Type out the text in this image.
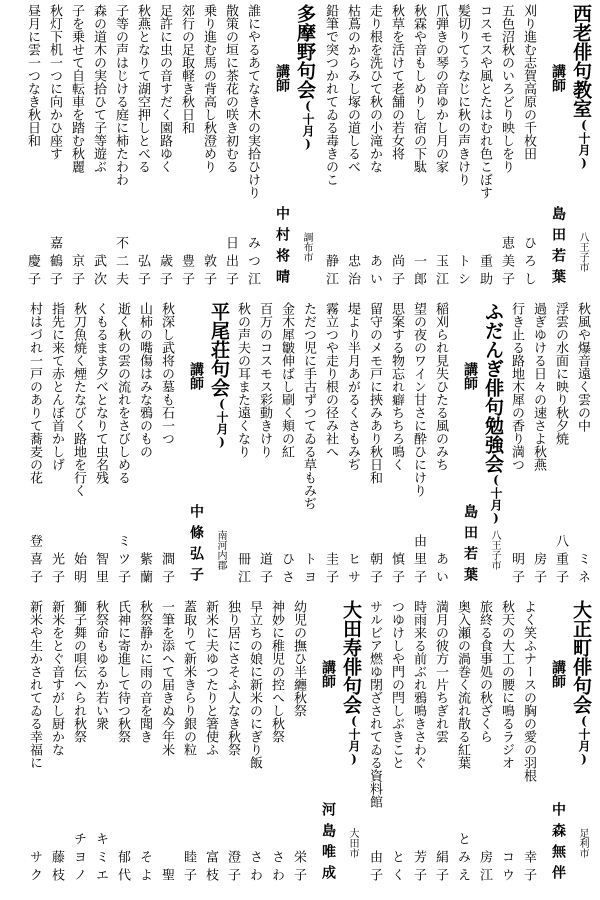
西老俳句教室
(十月)
講師
島田若葉 八王子市
刈り進む志賀高原の千枚田
ひろし
五色沼秋のいろどり映しをり
恵美子
コスモスや風とたはむれ色こぼす
重助
髪切りてうなじに秋の声きけり
トシ
爪弾きの琴の音ゆかし月の家
玉江
秋霖や音もしめりし宿の下駄
一郎
秋草を活けて老舗の若女将
尚子
走り根を洗ひて秋の小滝かな
あい
枯蔦のからみし塚の道しるべ
忠治
鉛筆で突つかれてゐる毒きのこ
静江
多摩野句会
(十月)
講師
中村将晴 調布市
誰にやるあてなき木の実拾ひけり
みつ江
散策の垣に茶花の咲き初むる
日出子
乗り進む馬の背高し秋澄めり
敦子
郊行の足取軽き秋日和
豊子
足許に虫の音すだく園路ゆく
歳子
秋燕となりて湖空押しとべる
弘子
子等の声はじける庭に柿たわわ
不二夫
森の道木の実拾ひて子等遊ぶ
武次
子を乗せて自転車を踏む秋麗
京子
秋灯下机一つに向かひ座す
嘉鶴子
昼月に雲一つなき秋日和
慶子
秋風や爆音遠く雲の中
ミネ
浮雲の水面に映り秋夕焼
八重子
過ぎゆける日々の速さよ秋燕
房子
行き止る路地木犀の香り満つ
明子
ふだんぎ俳句勉強会
(十月)
講師
島田若葉 八王子市
稲刈られ見失ひたる風のみち
あい
望の夜のワイン甘さに酔ひにけり
由里子
思案する物忘れ癖ちちろ鳴く
慎子
留守のメモ戸に挾みあり秋日和
朝子
堤より半月あがるくさもみぢ
ヒサ
霧立つや走り根の径み社へ
圭子
ただつ児に手古ずつてゐる草もみぢ
トヨ
金木犀皺伸ばし刷く頬の紅
ひさ
百万のコスモス彩動きけり
道子
秋の声夫の耳また遠くなり
冊江
平尾荘句会
(十月)
講師
中條弘子 南河内郡
秋深し武将の墓も石一つ
澗子
山柿の嘴傷はみな鴉のもの
紫蘭
逝く秋の雲の流れをさびしめる
ミツ子
くもるまま夕べとなりて虫名残
智里
秋刀魚焼く煙たなびく路地を行く
始明
指先に来て赤とんぼ首かしげ
光子
村はづれ一戸のありて蕎麦の花
登喜子
大正町俳句会
(十月)
講師
中森無伴 足利市
よく笑ふナースの胸の愛の羽根
幸子
秋天の大工の腰に鳴るラジオ
コウ
旅終る食事処の秋ざくら
房江
奥入瀬の渦巻く流れ散る紅葉
とみえ
満月の彼方一片ちぎれ雲
絹子
時雨来る前ぶれ鴉鳴きさわぐ
芳子
つゆけしや門の閂しぶきこと
とく
サルビア燃ゆ閉ざされてゐる資料館
由子
大田寿俳句会
(十月)
講師
河島唯成 大田市
幼児の撫ひ半纏秋祭
栄子
神妙に稚児の控へし秋祭
さわ
早立ちの娘に新米のにぎり飯
さわ
独り居にさそふ人なき秋祭
澄子
新米に夫ゆつたりと箸使ふ
富枝
蓋取りて新米きらり銀の粒
睦子
一筆を添へて届きぬ今年米
聖
秋祭静かに雨の音を聞き
そよ
氏神に寄進して待つ秋祭
郁代
秋祭命もゆるか若い衆
キミエ
獅子舞の唄伝へられ秋祭
チヨノ
新米をとぐ音すがし厨かな
藤枝
新米や生かされてゐる幸福に
サク
